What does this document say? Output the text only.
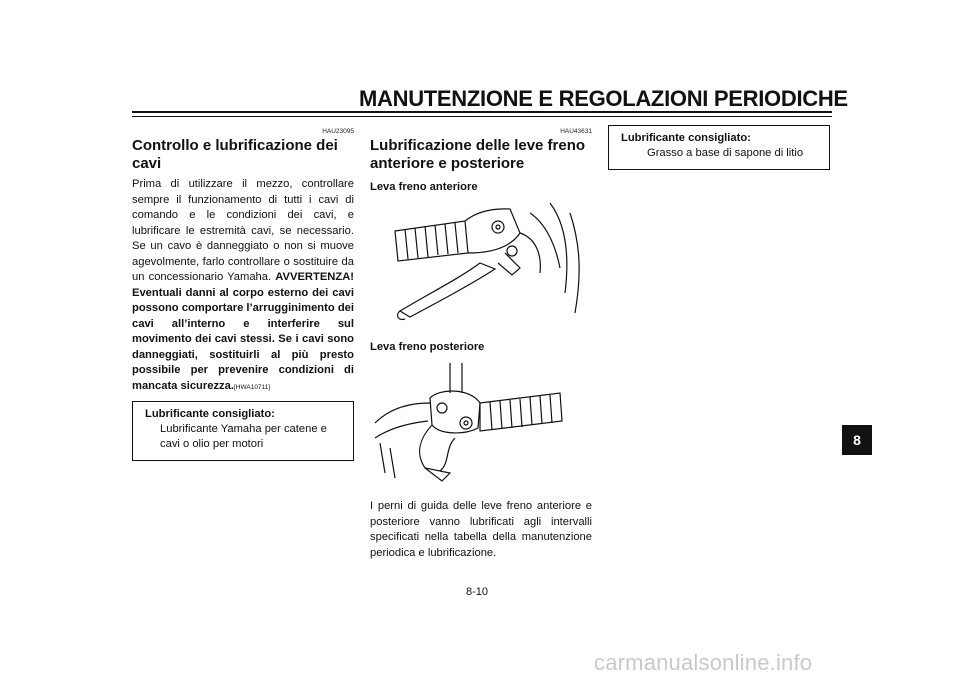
MANUTENZIONE E REGOLAZIONI PERIODICHE
HAU23095
Controllo e lubrificazione dei cavi

Prima di utilizzare il mezzo, controllare sempre il funzionamento di tutti i cavi di comando e le condizioni dei cavi, e lubrificare le estremità cavi, se necessario. Se un cavo è danneggiato o non si muove agevolmente, farlo controllare o sostituire da un concessionario Yamaha. AVVERTENZA! Eventuali danni al corpo esterno dei cavi possono comportare l’arrugginimento dei cavi all’interno e interferire sul movimento dei cavi stessi. Se i cavi sono danneggiati, sostituirli al più presto possibile per prevenire condizioni di mancata sicurezza.[HWA10711]

Lubrificante consigliato:
Lubrificante Yamaha per catene e cavi o olio per motori
HAU43631
Lubrificazione delle leve freno anteriore e posteriore
Leva freno anteriore
Leva freno posteriore

I perni di guida delle leve freno anteriore e posteriore vanno lubrificati agli intervalli specificati nella tabella della manutenzione periodica e lubrificazione.

Lubrificante consigliato:
Grasso a base di sapone di litio
8
8-10
carmanualsonline.info
